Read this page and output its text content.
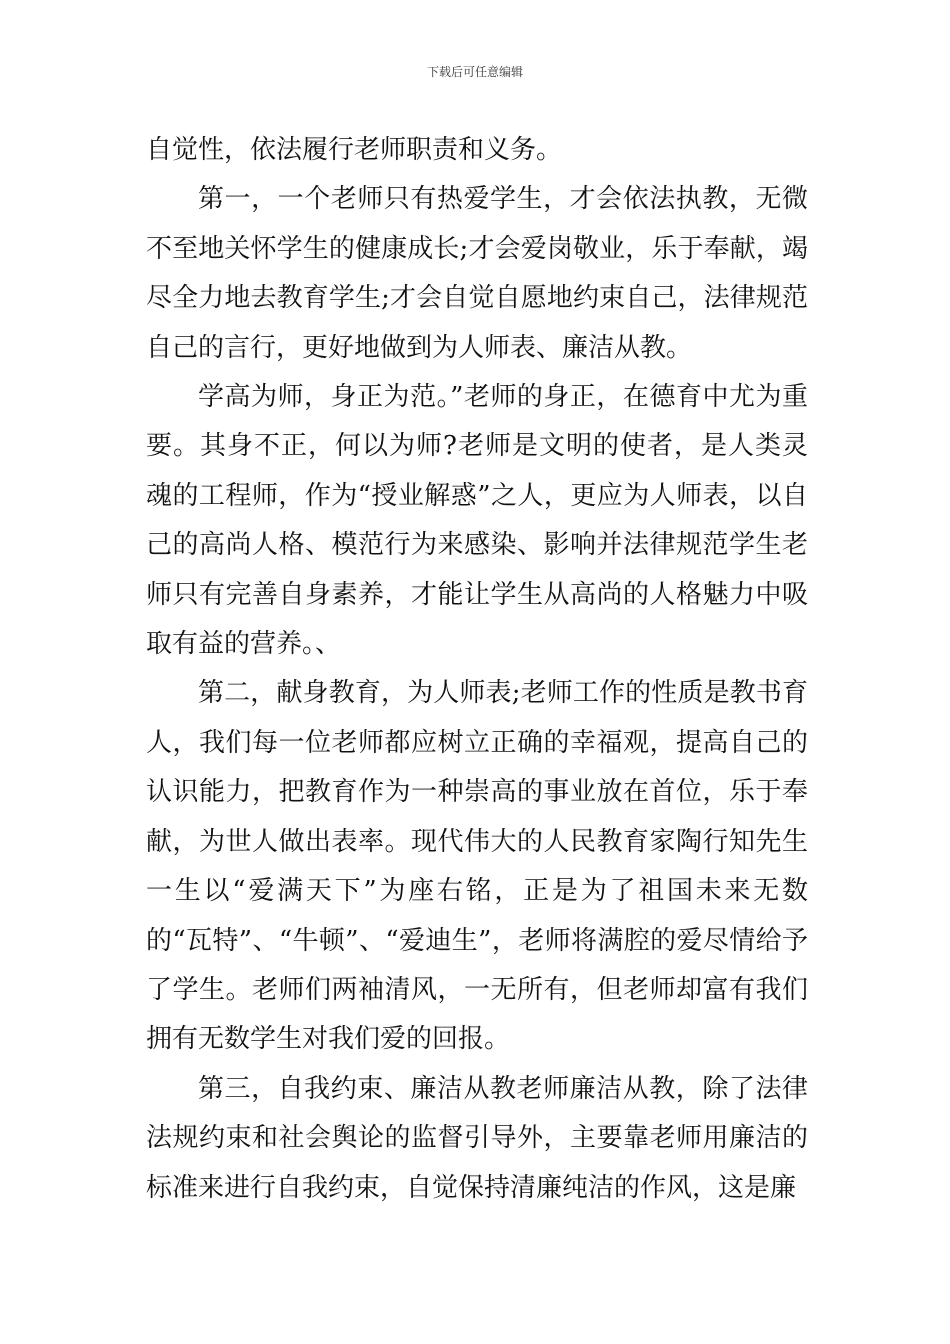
下载后可任意编辑

自觉性，依法履行老师职责和义务。

第一，一个老师只有热爱学生，才会依法执教，无微不至地关怀学生的健康成长;才会爱岗敬业，乐于奉献，竭尽全力地去教育学生;才会自觉自愿地约束自己，法律规范自己的言行，更好地做到为人师表、廉洁从教。

学高为师，身正为范。”老师的身正，在德育中尤为重要。其身不正，何以为师?老师是文明的使者，是人类灵魂的工程师，作为“授业解惑”之人，更应为人师表，以自己的高尚人格、模范行为来感染、影响并法律规范学生老师只有完善自身素养，才能让学生从高尚的人格魅力中吸取有益的营养。、

第二，献身教育，为人师表;老师工作的性质是教书育人，我们每一位老师都应树立正确的幸福观，提高自己的认识能力，把教育作为一种崇高的事业放在首位，乐于奉献，为世人做出表率。现代伟大的人民教育家陶行知先生一生以“爱满天下”为座右铭，正是为了祖国未来无数的“瓦特”、“牛顿”、“爱迪生”，老师将满腔的爱尽情给予了学生。老师们两袖清风，一无所有，但老师却富有我们拥有无数学生对我们爱的回报。

第三，自我约束、廉洁从教老师廉洁从教，除了法律法规约束和社会舆论的监督引导外，主要靠老师用廉洁的标准来进行自我约束，自觉保持清廉纯洁的作风，这是廉
